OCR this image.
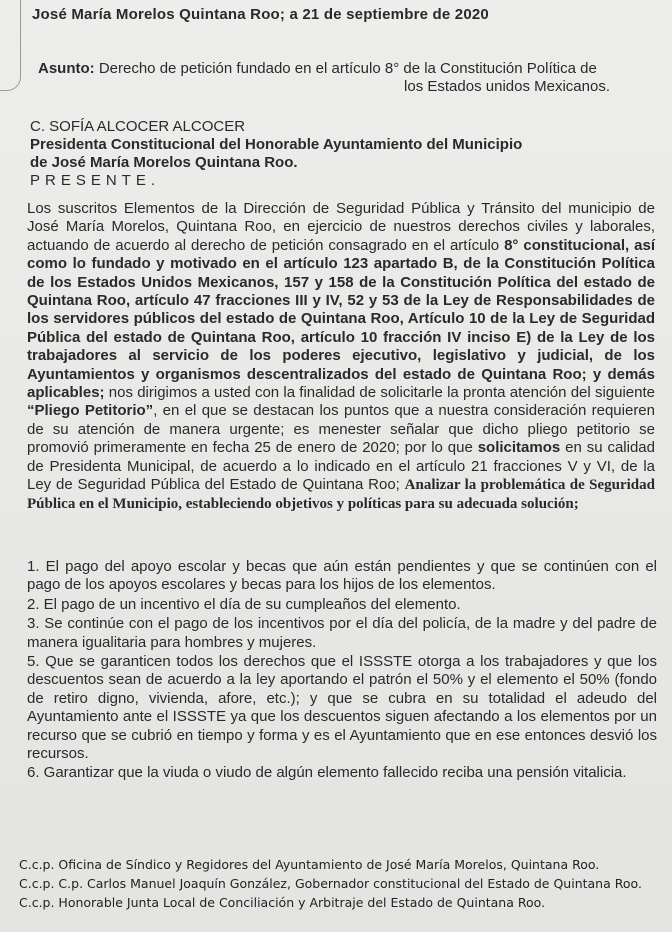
José María Morelos Quintana Roo; a 21 de septiembre de 2020
Asunto: Derecho de petición fundado en el artículo 8° de la Constitución Política de
los Estados unidos Mexicanos.
C. SOFÍA ALCOCER ALCOCER
Presidenta Constitucional del Honorable Ayuntamiento del Municipio
de José María Morelos Quintana Roo.
PRESENTE.
Los suscritos Elementos de la Dirección de Seguridad Pública y Tránsito del municipio de José María Morelos, Quintana Roo, en ejercicio de nuestros derechos civiles y laborales, actuando de acuerdo al derecho de petición consagrado en el artículo 8° constitucional, así como lo fundado y motivado en el artículo 123 apartado B, de la Constitución Política de los Estados Unidos Mexicanos, 157 y 158 de la Constitución Política del estado de Quintana Roo, artículo 47 fracciones III y IV, 52 y 53 de la Ley de Responsabilidades de los servidores públicos del estado de Quintana Roo, Artículo 10 de la Ley de Seguridad Pública del estado de Quintana Roo, artículo 10 fracción IV inciso E) de la Ley de los trabajadores al servicio de los poderes ejecutivo, legislativo y judicial, de los Ayuntamientos y organismos descentralizados del estado de Quintana Roo; y demás aplicables; nos dirigimos a usted con la finalidad de solicitarle la pronta atención del siguiente “Pliego Petitorio”, en el que se destacan los puntos que a nuestra consideración requieren de su atención de manera urgente; es menester señalar que dicho pliego petitorio se promovió primeramente en fecha 25 de enero de 2020; por lo que solicitamos en su calidad de Presidenta Municipal, de acuerdo a lo indicado en el artículo 21 fracciones V y VI, de la Ley de Seguridad Pública del Estado de Quintana Roo; Analizar la problemática de Seguridad Pública en el Municipio, estableciendo objetivos y políticas para su adecuada solución;
1. El pago del apoyo escolar y becas que aún están pendientes y que se continúen con el pago de los apoyos escolares y becas para los hijos de los elementos.
2. El pago de un incentivo el día de su cumpleaños del elemento.
3. Se continúe con el pago de los incentivos por el día del policía, de la madre y del padre de manera igualitaria para hombres y mujeres.
5. Que se garanticen todos los derechos que el ISSSTE otorga a los trabajadores y que los descuentos sean de acuerdo a la ley aportando el patrón el 50% y el elemento el 50% (fondo de retiro digno, vivienda, afore, etc.); y que se cubra en su totalidad el adeudo del Ayuntamiento ante el ISSSTE ya que los descuentos siguen afectando a los elementos por un recurso que se cubrió en tiempo y forma y es el Ayuntamiento que en ese entonces desvió los recursos.
6. Garantizar que la viuda o viudo de algún elemento fallecido reciba una pensión vitalicia.
C.c.p. Oficina de Síndico y Regidores del Ayuntamiento de José María Morelos, Quintana Roo.
C.c.p. C.p. Carlos Manuel Joaquín González, Gobernador constitucional del Estado de Quintana Roo.
C.c.p. Honorable Junta Local de Conciliación y Arbitraje del Estado de Quintana Roo.
